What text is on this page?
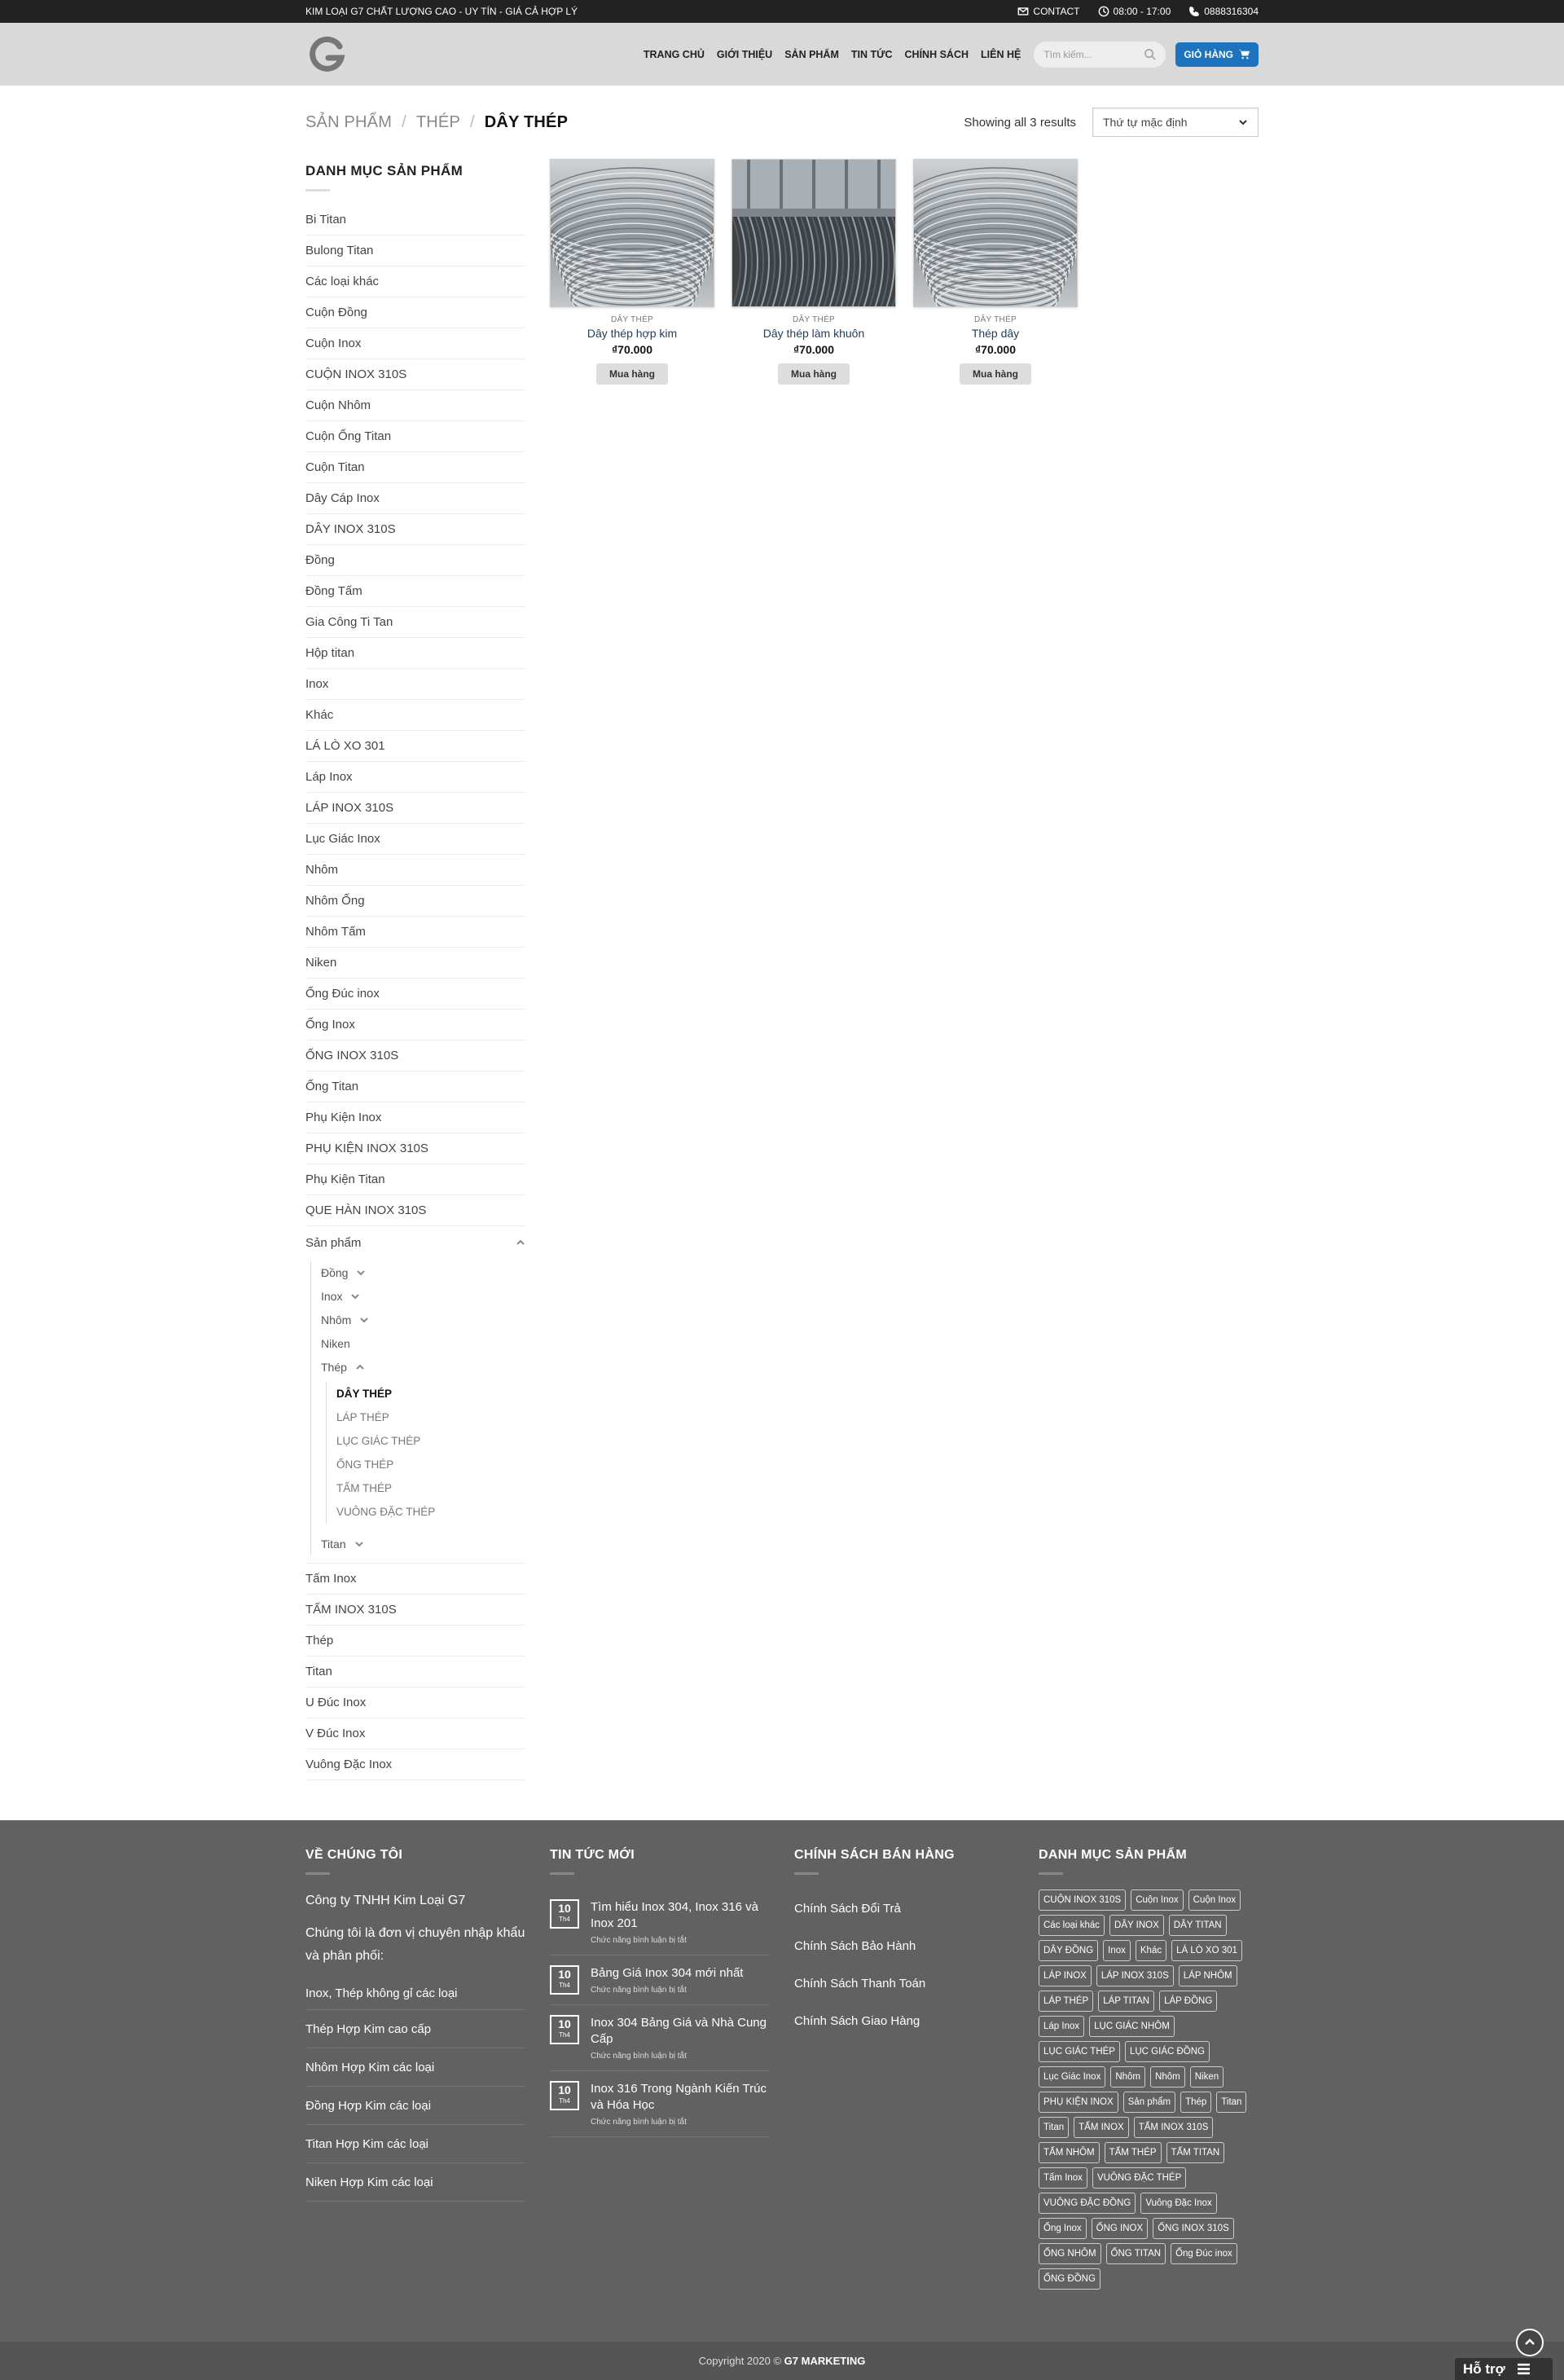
KIM LOẠI G7 CHẤT LƯỢNG CAO - UY TÍN - GIÁ CẢ HỢP LÝ	CONTACT	08:00 - 17:00	0888316304
TRANG CHỦ GIỚI THIỆU SẢN PHẨM TIN TỨC CHÍNH SÁCH LIÊN HỆ Tìm kiếm...	GIỎ HÀNG
SẢN PHẨM / THÉP / DÂY THÉP	Showing all 3 results Thứ tự mặc định
DANH MỤC SẢN PHẨM
Bi Titan
Bulong Titan
Các loại khác
Cuộn Đồng
Cuộn Inox
CUỘN INOX 310S
Cuộn Nhôm
Cuộn Ống Titan
Cuộn Titan
Dây Cáp Inox
DÂY INOX 310S
Đồng
Đồng Tấm
Gia Công Ti Tan
Hộp titan
Inox
Khác
LÁ LÒ XO 301
Láp Inox
LÁP INOX 310S
Lục Giác Inox
Nhôm
Nhôm Ống
Nhôm Tấm
Niken
Ống Đúc inox
Ống Inox
ỐNG INOX 310S
Ống Titan
Phụ Kiện Inox
PHỤ KIỆN INOX 310S
Phụ Kiện Titan
QUE HÀN INOX 310S
Sản phẩm
Đồng
Inox
Nhôm
Niken
Thép
DÂY THÉP
LÁP THÉP
LỤC GIÁC THÉP
ỐNG THÉP
TẤM THÉP
VUÔNG ĐẶC THÉP
Titan
Tấm Inox
TẤM INOX 310S
Thép
Titan
U Đúc Inox
V Đúc Inox
Vuông Đặc Inox
DÂY THÉP
Dây thép hợp kim
₫70.000
Mua hàng
DÂY THÉP
Dây thép làm khuôn
₫70.000
Mua hàng
DÂY THÉP
Thép dây
₫70.000
Mua hàng
VỀ CHÚNG TÔI

Công ty TNHH Kim Loại G7

Chúng tôi là đơn vị chuyên nhập khẩu và phân phối:

Inox, Thép không gỉ các loại
Thép Hợp Kim cao cấp
Nhôm Hợp Kim các loại
Đồng Hợp Kim các loại
Titan Hợp Kim các loại
Niken Hợp Kim các loại
TIN TỨC MỚI
10
Th4
Tìm hiểu Inox 304, Inox 316 và Inox 201
Chức năng bình luận bị tắt
10
Th4
Bảng Giá Inox 304 mới nhất
Chức năng bình luận bị tắt
10
Th4
Inox 304 Bảng Giá và Nhà Cung Cấp
Chức năng bình luận bị tắt
10
Th4
Inox 316 Trong Ngành Kiến Trúc và Hóa Học
Chức năng bình luận bị tắt
CHÍNH SÁCH BÁN HÀNG
Chính Sách Đổi Trả
Chính Sách Bảo Hành
Chính Sách Thanh Toán
Chính Sách Giao Hàng
DANH MỤC SẢN PHẨM
CUỘN INOX 310S	Cuộn Inox	Cuộn Inox
Các loại khác	DÂY INOX	DÂY TITAN
DÂY ĐỒNG	Inox	Khác	LÁ LÒ XO 301
LÁP INOX	LÁP INOX 310S	LÁP NHÔM
LÁP THÉP	LÁP TITAN	LÁP ĐỒNG
Láp Inox	LỤC GIÁC NHÔM
LỤC GIÁC THÉP	LỤC GIÁC ĐỒNG
Lục Giác Inox	Nhôm	Nhôm	Niken
PHỤ KIỆN INOX	Sản phẩm	Thép	Titan
Titan	TẤM INOX	TẤM INOX 310S
TẤM NHÔM	TẤM THÉP	TẤM TITAN
Tấm Inox	VUÔNG ĐẶC THÉP
VUÔNG ĐẶC ĐỒNG	Vuông Đặc Inox
Ống Inox	ỐNG INOX	ỐNG INOX 310S
ỐNG NHÔM	ỐNG TITAN	Ống Đúc inox
ỐNG ĐỒNG
Copyright 2020 © G7 MARKETING	Hỗ trợ
